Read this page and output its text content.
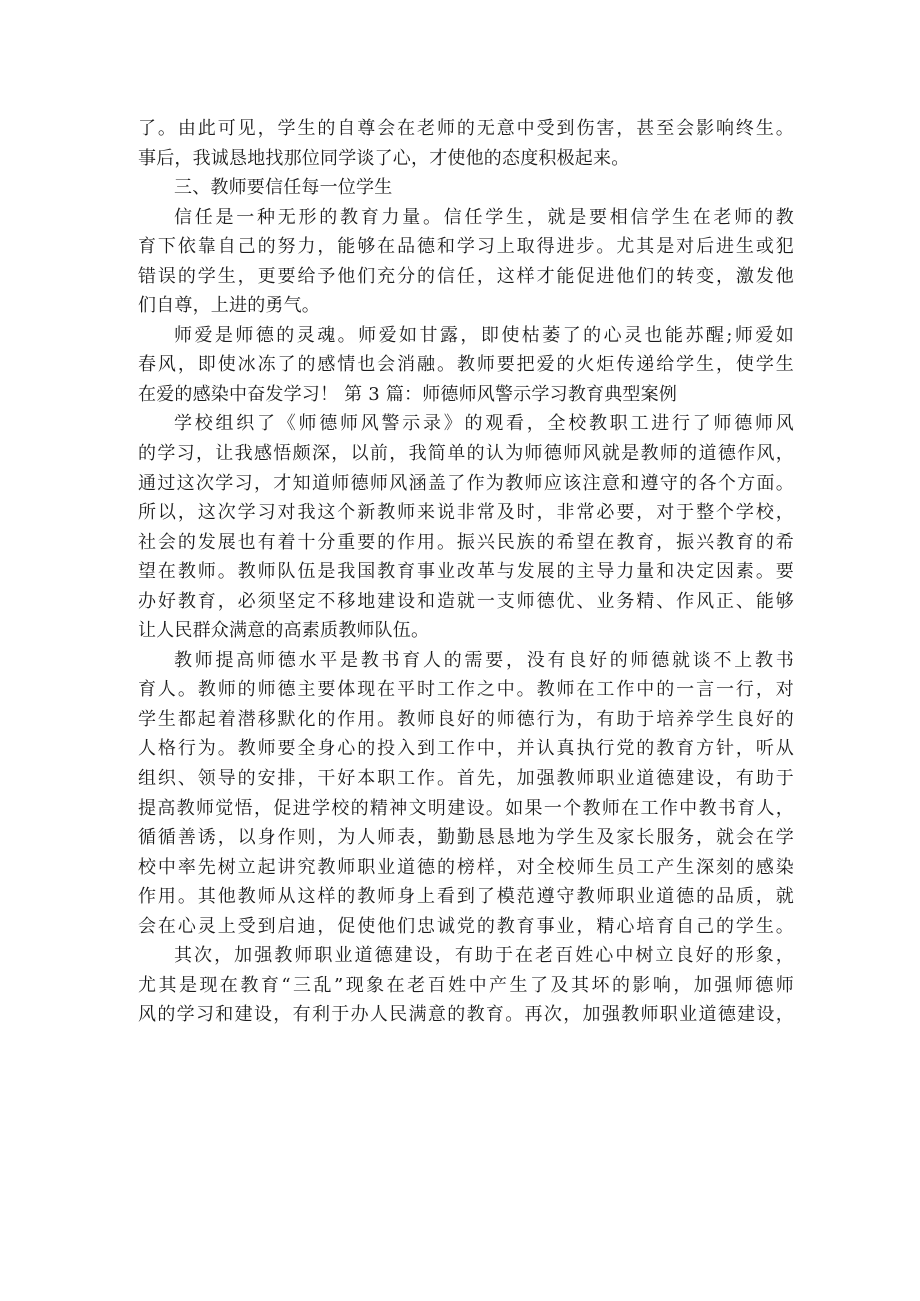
了。由此可见，学生的自尊会在老师的无意中受到伤害，甚至会影响终生。
事后，我诚恳地找那位同学谈了心，才使他的态度积极起来。
三、教师要信任每一位学生
信任是一种无形的教育力量。信任学生，就是要相信学生在老师的教
育下依靠自己的努力，能够在品德和学习上取得进步。尤其是对后进生或犯
错误的学生，更要给予他们充分的信任，这样才能促进他们的转变，激发他
们自尊，上进的勇气。
师爱是师德的灵魂。师爱如甘露，即使枯萎了的心灵也能苏醒;师爱如
春风，即使冰冻了的感情也会消融。教师要把爱的火炬传递给学生，使学生
在爱的感染中奋发学习！ 第 3 篇：师德师风警示学习教育典型案例
学校组织了《师德师风警示录》的观看，全校教职工进行了师德师风
的学习，让我感悟颇深，以前，我简单的认为师德师风就是教师的道德作风，
通过这次学习，才知道师德师风涵盖了作为教师应该注意和遵守的各个方面。
所以，这次学习对我这个新教师来说非常及时，非常必要，对于整个学校，
社会的发展也有着十分重要的作用。振兴民族的希望在教育，振兴教育的希
望在教师。教师队伍是我国教育事业改革与发展的主导力量和决定因素。要
办好教育，必须坚定不移地建设和造就一支师德优、业务精、作风正、能够
让人民群众满意的高素质教师队伍。
教师提高师德水平是教书育人的需要，没有良好的师德就谈不上教书
育人。教师的师德主要体现在平时工作之中。教师在工作中的一言一行，对
学生都起着潜移默化的作用。教师良好的师德行为，有助于培养学生良好的
人格行为。教师要全身心的投入到工作中，并认真执行党的教育方针，听从
组织、领导的安排，干好本职工作。首先，加强教师职业道德建设，有助于
提高教师觉悟，促进学校的精神文明建设。如果一个教师在工作中教书育人，
循循善诱，以身作则，为人师表，勤勤恳恳地为学生及家长服务，就会在学
校中率先树立起讲究教师职业道德的榜样，对全校师生员工产生深刻的感染
作用。其他教师从这样的教师身上看到了模范遵守教师职业道德的品质，就
会在心灵上受到启迪，促使他们忠诚党的教育事业，精心培育自己的学生。
其次，加强教师职业道德建设，有助于在老百姓心中树立良好的形象，
尤其是现在教育“三乱”现象在老百姓中产生了及其坏的影响，加强师德师
风的学习和建设，有利于办人民满意的教育。再次，加强教师职业道德建设，
